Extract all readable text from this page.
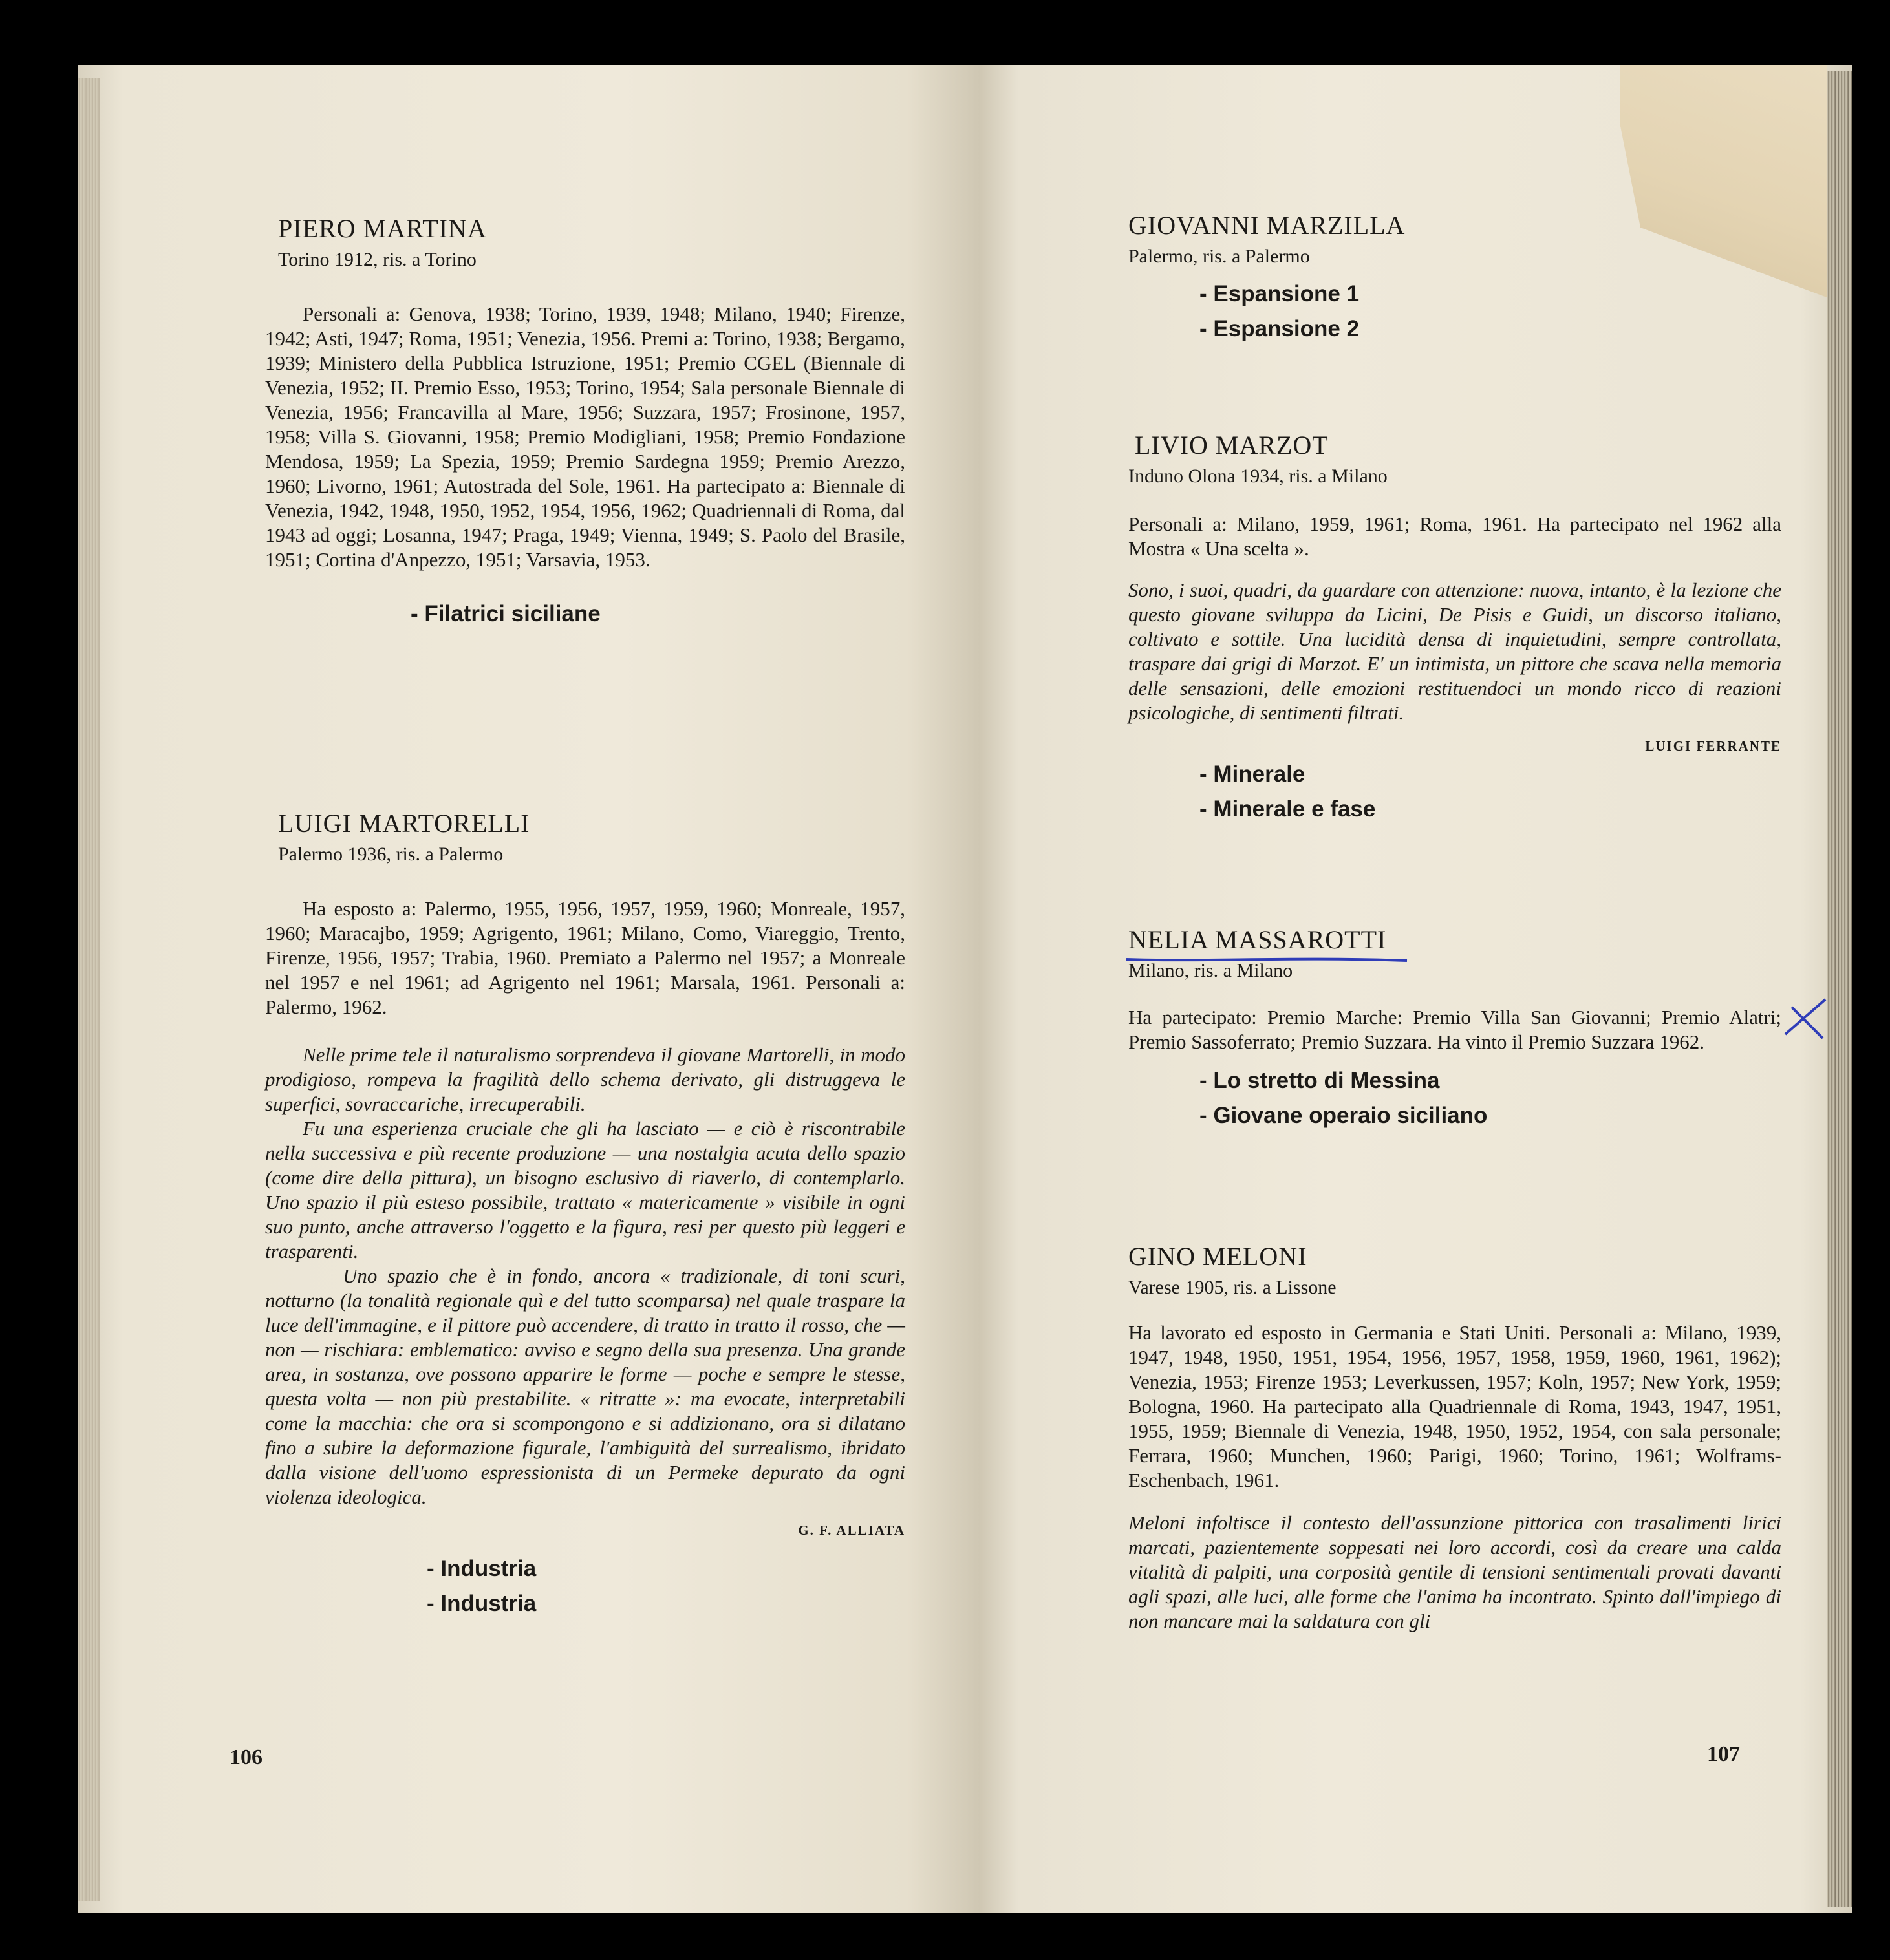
PIERO MARTINA
Torino 1912, ris. a Torino

Personali a: Genova, 1938; Torino, 1939, 1948; Milano, 1940; Firenze, 1942; Asti, 1947; Roma, 1951; Venezia, 1956. Premi a: Torino, 1938; Bergamo, 1939; Ministero della Pubblica Istruzione, 1951; Premio CGEL (Biennale di Venezia, 1952; II. Premio Esso, 1953; Torino, 1954; Sala personale Biennale di Venezia, 1956; Francavilla al Mare, 1956; Suzzara, 1957; Frosinone, 1957, 1958; Villa S. Giovanni, 1958; Premio Modigliani, 1958; Premio Fondazione Mendosa, 1959; La Spezia, 1959; Premio Sardegna 1959; Premio Arezzo, 1960; Livorno, 1961; Autostrada del Sole, 1961. Ha partecipato a: Biennale di Venezia, 1942, 1948, 1950, 1952, 1954, 1956, 1962; Quadriennali di Roma, dal 1943 ad oggi; Losanna, 1947; Praga, 1949; Vienna, 1949; S. Paolo del Brasile, 1951; Cortina d'Anpezzo, 1951; Varsavia, 1953.

- Filatrici siciliane
LUIGI MARTORELLI
Palermo 1936, ris. a Palermo

Ha esposto a: Palermo, 1955, 1956, 1957, 1959, 1960; Monreale, 1957, 1960; Maracajbo, 1959; Agrigento, 1961; Milano, Como, Viareggio, Trento, Firenze, 1956, 1957; Trabia, 1960. Premiato a Palermo nel 1957; a Monreale nel 1957 e nel 1961; ad Agrigento nel 1961; Marsala, 1961. Personali a: Palermo, 1962.

Nelle prime tele il naturalismo sorprendeva il giovane Martorelli, in modo prodigioso, rompeva la fragilità dello schema derivato, gli distruggeva le superfici, sovraccariche, irrecuperabili.

Fu una esperienza cruciale che gli ha lasciato — e ciò è riscontrabile nella successiva e più recente produzione — una nostalgia acuta dello spazio (come dire della pittura), un bisogno esclusivo di riaverlo, di contemplarlo. Uno spazio il più esteso possibile, trattato « matericamente » visibile in ogni suo punto, anche attraverso l'oggetto e la figura, resi per questo più leggeri e trasparenti.

Uno spazio che è in fondo, ancora « tradizionale, di toni scuri, notturno (la tonalità regionale quì e del tutto scomparsa) nel quale traspare la luce dell'immagine, e il pittore può accendere, di tratto in tratto il rosso, che — non — rischiara: emblematico: avviso e segno della sua presenza. Una grande area, in sostanza, ove possono apparire le forme — poche e sempre le stesse, questa volta — non più prestabilite. « ritratte »: ma evocate, interpretabili come la macchia: che ora si scompongono e si addizionano, ora si dilatano fino a subire la deformazione figurale, l'ambiguità del surrealismo, ibridato dalla visione dell'uomo espressionista di un Permeke depurato da ogni violenza ideologica.

G. F. ALLIATA
- Industria
- Industria
106
GIOVANNI MARZILLA
Palermo, ris. a Palermo
- Espansione 1
- Espansione 2
LIVIO MARZOT
Induno Olona 1934, ris. a Milano

Personali a: Milano, 1959, 1961; Roma, 1961. Ha partecipato nel 1962 alla Mostra « Una scelta ».

Sono, i suoi, quadri, da guardare con attenzione: nuova, intanto, è la lezione che questo giovane sviluppa da Licini, De Pisis e Guidi, un discorso italiano, coltivato e sottile. Una lucidità densa di inquietudini, sempre controllata, traspare dai grigi di Marzot. E' un intimista, un pittore che scava nella memoria delle sensazioni, delle emozioni restituendoci un mondo ricco di reazioni psicologiche, di sentimenti filtrati.

LUIGI FERRANTE
- Minerale
- Minerale e fase
NELIA MASSAROTTI
Milano, ris. a Milano

Ha partecipato: Premio Marche: Premio Villa San Giovanni; Premio Alatri; Premio Sassoferrato; Premio Suzzara. Ha vinto il Premio Suzzara 1962.

- Lo stretto di Messina
- Giovane operaio siciliano
GINO MELONI
Varese 1905, ris. a Lissone

Ha lavorato ed esposto in Germania e Stati Uniti. Personali a: Milano, 1939, 1947, 1948, 1950, 1951, 1954, 1956, 1957, 1958, 1959, 1960, 1961, 1962); Venezia, 1953; Firenze 1953; Leverkussen, 1957; Koln, 1957; New York, 1959; Bologna, 1960. Ha partecipato alla Quadriennale di Roma, 1943, 1947, 1951, 1955, 1959; Biennale di Venezia, 1948, 1950, 1952, 1954, con sala personale; Ferrara, 1960; Munchen, 1960; Parigi, 1960; Torino, 1961; Wolframs-Eschenbach, 1961.

Meloni infoltisce il contesto dell'assunzione pittorica con trasalimenti lirici marcati, pazientemente soppesati nei loro accordi, così da creare una calda vitalità di palpiti, una corposità gentile di tensioni sentimentali provati davanti agli spazi, alle luci, alle forme che l'anima ha incontrato. Spinto dall'impiego di non mancare mai la saldatura con gli

107
